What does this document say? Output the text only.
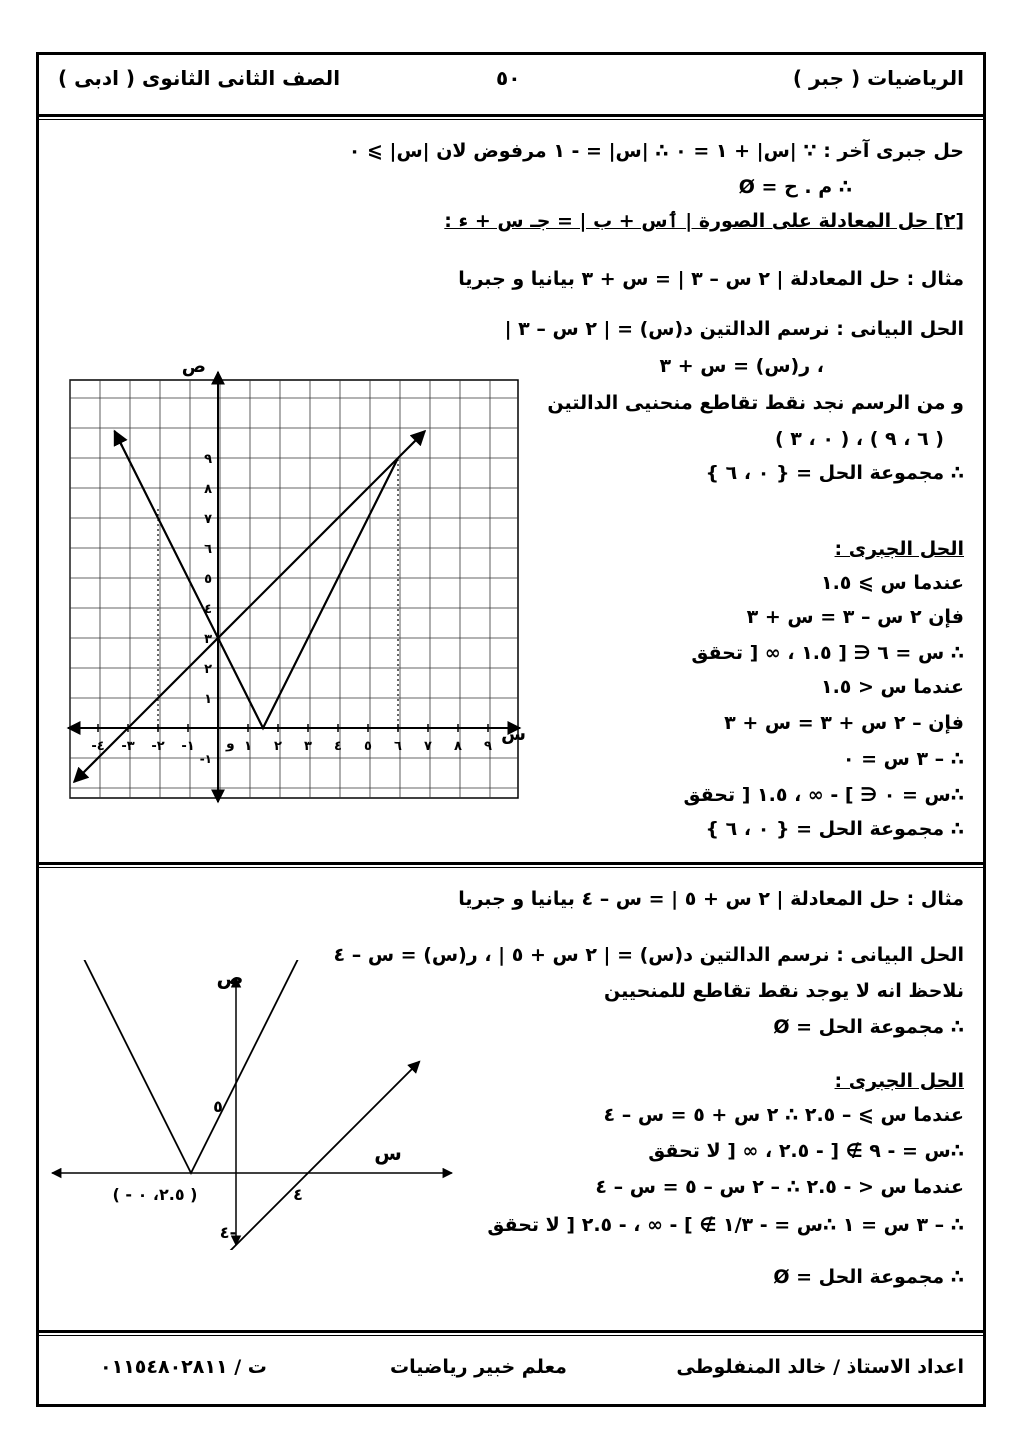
الرياضيات ( جبر )
٥٠
الصف الثانى الثانوى ( ادبى )
حل جبرى آخر : ∵ |س| + ١ = ٠ ∴ |س| = - ١ مرفوض لان |س| ⩾ ٠
∴ م . ح = Ø
[٢] حل المعادلة على الصورة | ٲس + ب | = جـ س + ء :
مثال : حل المعادلة | ٢ س – ٣ | = س + ٣ بيانيا و جبريا
الحل البيانى : نرسم الدالتين د(س) = | ٢ س – ٣ |
، ر(س) = س + ٣
و من الرسم نجد نقط تقاطع منحنيى الدالتين
( ٠ ، ٣ ) ، ( ٦ ، ٩ )
∴ مجموعة الحل = { ٠ ، ٦ }
الحل الجبرى :
عندما س ⩾ ١.٥
فإن ٢ س – ٣ = س + ٣
∴ س = ٦ ∈ [ ١.٥ ، ∞ [ تحقق
عندما س < ١.٥
فإن – ٢ س + ٣ = س + ٣
∴ – ٣ س = ٠
∴س = ٠ ∈ ] - ∞ ، ١.٥ [ تحقق
∴ مجموعة الحل = { ٠ ، ٦ }
-٤ -٣ -٢ -١	١ ٢ ٣ ٤ ٥ ٦ ٧ ٨ ٩
١
٢
٣
٤
٥
٦
٧
٨
٩
-١
و
ص
س
مثال : حل المعادلة | ٢ س + ٥ | = س – ٤ بيانيا و جبريا
الحل البيانى : نرسم الدالتين د(س) = | ٢ س + ٥ | ، ر(س) = س – ٤
نلاحظ انه لا يوجد نقط تقاطع للمنحيين
∴ مجموعة الحل = Ø
الحل الجبرى :
عندما س ⩾ – ٢.٥ ∴ ٢ س + ٥ = س – ٤
∴س = - ٩ ∌ [ - ٢.٥ ، ∞ [ لا تحقق
عندما س < - ٢.٥ ∴ – ٢ س – ٥ = س – ٤
∴ – ٣ س = ١ ∴س = - ١/٣ ∌ ] - ∞ ، - ٢.٥ [ لا تحقق
∴ مجموعة الحل = Ø
ص
س
٥
٤
٤-
( - ٢.٥، ٠ )
اعداد الاستاذ / خالد المنفلوطى
معلم خبير رياضيات
ت / ٠١١٥٤٨٠٢٨١١
